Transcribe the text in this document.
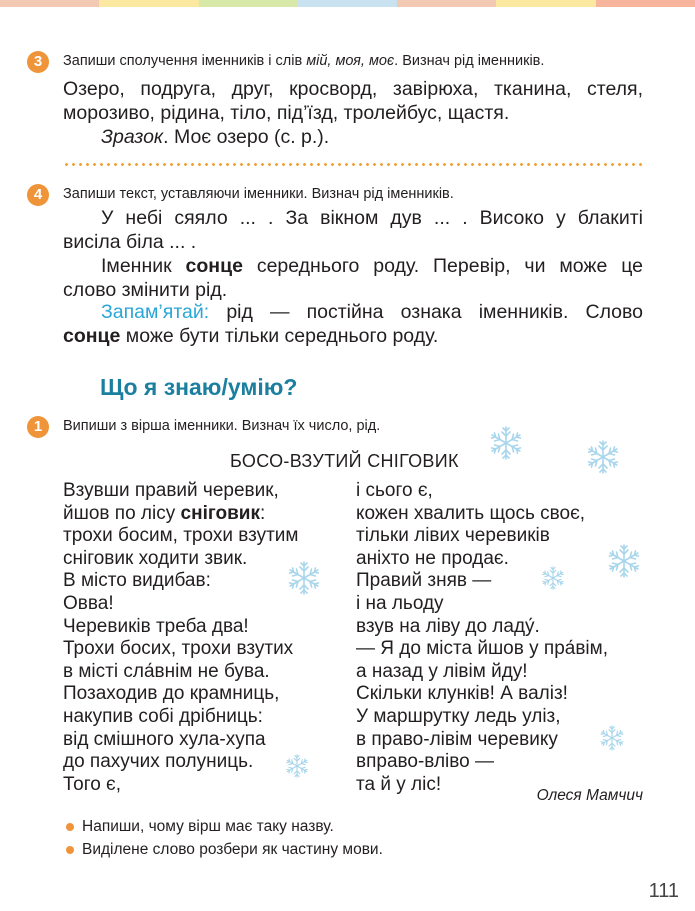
3	Запиши сполучення іменників і слів мій, моя, моє. Визнач рід іменників.
Озеро, подруга, друг, кросворд, завірюха, тканина, стеля,
морозиво, рідина, тіло, під’їзд, тролейбус, щастя.
Зразок. Моє озеро (с. р.).
4	Запиши текст, уставляючи іменники. Визнач рід іменників.
У небі сяяло ... . За вікном дув ... . Високо у блакиті
висіла біла ... .
Іменник сонце середнього роду. Перевір, чи може це
слово змінити рід.
Запам’ятай: рід — постійна ознака іменників. Слово
сонце може бути тільки середнього роду.
Що я знаю/умію?
1	Випиши з вірша іменники. Визнач їх число, рід.
БОСО-ВЗУТИЙ СНІГОВИК
Взувши правий черевик,
йшов по лісу сніговик:
трохи босим, трохи взутим
сніговик ходити звик.
В місто видибав:
Овва!
Черевиків треба два!
Трохи босих, трохи взутих
в місті сла́внім не бува.
Позаходив до крамниць,
накупив собі дрібниць:
від смішного хула-хупа
до пахучих полуниць.
Того є,
і сього є,
кожен хвалить щось своє,
тільки лівих черевиків
аніхто не продає.
Правий зняв —
і на льоду
взув на ліву до ладу́.
— Я до міста йшов у пра́вім,
а назад у лівім йду!
Скільки клунків! А валіз!
У маршрутку ледь уліз,
в право-лівім черевику
вправо-вліво —
та й у ліс!
Олеся Мамчич
Напиши, чому вірш має таку назву.
Виділене слово розбери як частину мови.
111
